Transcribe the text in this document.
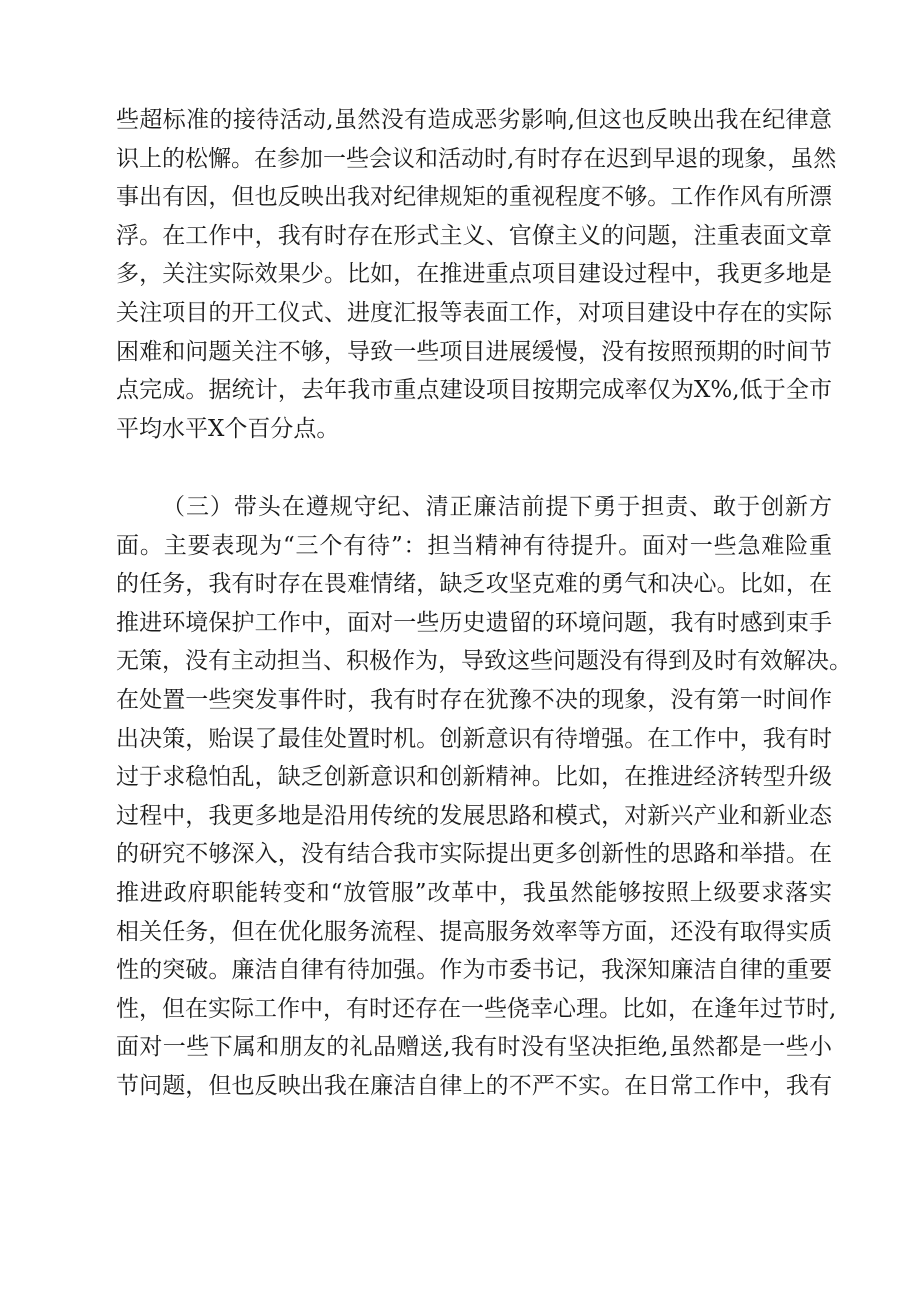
些超标准的接待活动,虽然没有造成恶劣影响,但这也反映出我在纪律意
识上的松懈。在参加一些会议和活动时,有时存在迟到早退的现象，虽然
事出有因，但也反映出我对纪律规矩的重视程度不够。工作作风有所漂
浮。在工作中，我有时存在形式主义、官僚主义的问题，注重表面文章
多，关注实际效果少。比如，在推进重点项目建设过程中，我更多地是
关注项目的开工仪式、进度汇报等表面工作，对项目建设中存在的实际
困难和问题关注不够，导致一些项目进展缓慢，没有按照预期的时间节
点完成。据统计，去年我市重点建设项目按期完成率仅为X%,低于全市
平均水平X个百分点。
（三）带头在遵规守纪、清正廉洁前提下勇于担责、敢于创新方
面。主要表现为“三个有待”：担当精神有待提升。面对一些急难险重
的任务，我有时存在畏难情绪，缺乏攻坚克难的勇气和决心。比如，在
推进环境保护工作中，面对一些历史遗留的环境问题，我有时感到束手
无策，没有主动担当、积极作为，导致这些问题没有得到及时有效解决。
在处置一些突发事件时，我有时存在犹豫不决的现象，没有第一时间作
出决策，贻误了最佳处置时机。创新意识有待增强。在工作中，我有时
过于求稳怕乱，缺乏创新意识和创新精神。比如，在推进经济转型升级
过程中，我更多地是沿用传统的发展思路和模式，对新兴产业和新业态
的研究不够深入，没有结合我市实际提出更多创新性的思路和举措。在
推进政府职能转变和“放管服”改革中，我虽然能够按照上级要求落实
相关任务，但在优化服务流程、提高服务效率等方面，还没有取得实质
性的突破。廉洁自律有待加强。作为市委书记，我深知廉洁自律的重要
性，但在实际工作中，有时还存在一些侥幸心理。比如，在逢年过节时,
面对一些下属和朋友的礼品赠送,我有时没有坚决拒绝,虽然都是一些小
节问题，但也反映出我在廉洁自律上的不严不实。在日常工作中，我有
